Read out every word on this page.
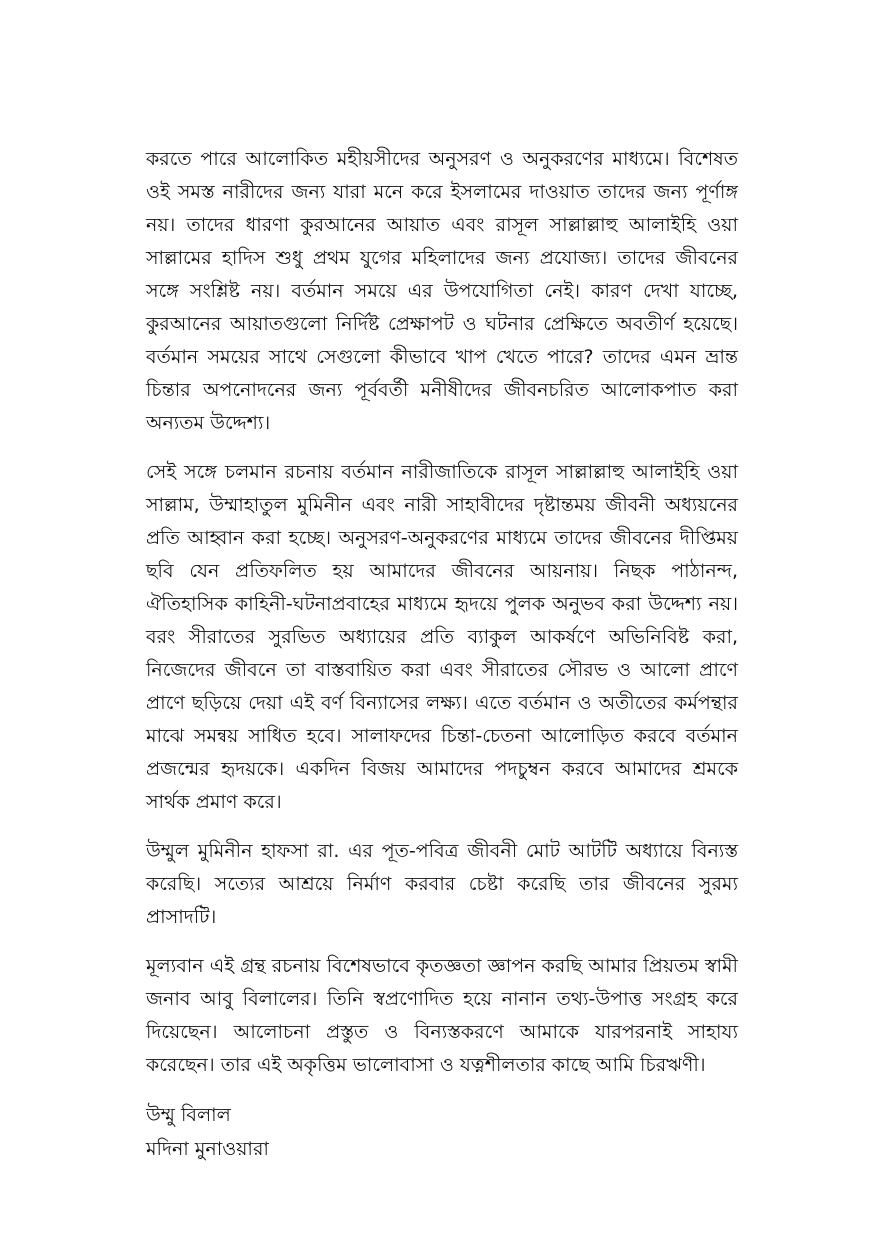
করতে পারে আলোকিত মহীয়সীদের অনুসরণ ও অনুকরণের মাধ্যমে। বিশেষত ওই সমস্ত নারীদের জন্য যারা মনে করে ইসলামের দাওয়াত তাদের জন্য পূর্ণাঙ্গ নয়। তাদের ধারণা কুরআনের আয়াত এবং রাসূল সাল্লাল্লাহু আলাইহি ওয়া সাল্লামের হাদিস শুধু প্রথম যুগের মহিলাদের জন্য প্রযোজ্য। তাদের জীবনের সঙ্গে সংশ্লিষ্ট নয়। বর্তমান সময়ে এর উপযোগিতা নেই। কারণ দেখা যাচ্ছে, কুরআনের আয়াতগুলো নির্দিষ্ট প্রেক্ষাপট ও ঘটনার প্রেক্ষিতে অবতীর্ণ হয়েছে। বর্তমান সময়ের সাথে সেগুলো কীভাবে খাপ খেতে পারে? তাদের এমন ভ্রান্ত চিন্তার অপনোদনের জন্য পূর্ববর্তী মনীষীদের জীবনচরিত আলোকপাত করা অন্যতম উদ্দেশ্য।

সেই সঙ্গে চলমান রচনায় বর্তমান নারীজাতিকে রাসূল সাল্লাল্লাহু আলাইহি ওয়া সাল্লাম, উম্মাহাতুল মুমিনীন এবং নারী সাহাবীদের দৃষ্টান্তময় জীবনী অধ্যয়নের প্রতি আহ্বান করা হচ্ছে। অনুসরণ-অনুকরণের মাধ্যমে তাদের জীবনের দীপ্তিময় ছবি যেন প্রতিফলিত হয় আমাদের জীবনের আয়নায়। নিছক পাঠানন্দ, ঐতিহাসিক কাহিনী-ঘটনাপ্রবাহের মাধ্যমে হৃদয়ে পুলক অনুভব করা উদ্দেশ্য নয়। বরং সীরাতের সুরভিত অধ্যায়ের প্রতি ব্যাকুল আকর্ষণে অভিনিবিষ্ট করা, নিজেদের জীবনে তা বাস্তবায়িত করা এবং সীরাতের সৌরভ ও আলো প্রাণে প্রাণে ছড়িয়ে দেয়া এই বর্ণ বিন্যাসের লক্ষ্য। এতে বর্তমান ও অতীতের কর্মপন্থার মাঝে সমন্বয় সাধিত হবে। সালাফদের চিন্তা-চেতনা আলোড়িত করবে বর্তমান প্রজন্মের হৃদয়কে। একদিন বিজয় আমাদের পদচুম্বন করবে আমাদের শ্রমকে সার্থক প্রমাণ করে।

উম্মুল মুমিনীন হাফসা রা. এর পূত-পবিত্র জীবনী মোট আটটি অধ্যায়ে বিন্যস্ত করেছি। সত্যের আশ্রয়ে নির্মাণ করবার চেষ্টা করেছি তার জীবনের সুরম্য প্রাসাদটি।

মূল্যবান এই গ্রন্থ রচনায় বিশেষভাবে কৃতজ্ঞতা জ্ঞাপন করছি আমার প্রিয়তম স্বামী জনাব আবু বিলালের। তিনি স্বপ্রণোদিত হয়ে নানান তথ্য-উপাত্ত সংগ্রহ করে দিয়েছেন। আলোচনা প্রস্তুত ও বিন্যস্তকরণে আমাকে যারপরনাই সাহায্য করেছেন। তার এই অকৃত্তিম ভালোবাসা ও যত্নশীলতার কাছে আমি চিরঋণী।

উম্মু বিলাল
মদিনা মুনাওয়ারা
